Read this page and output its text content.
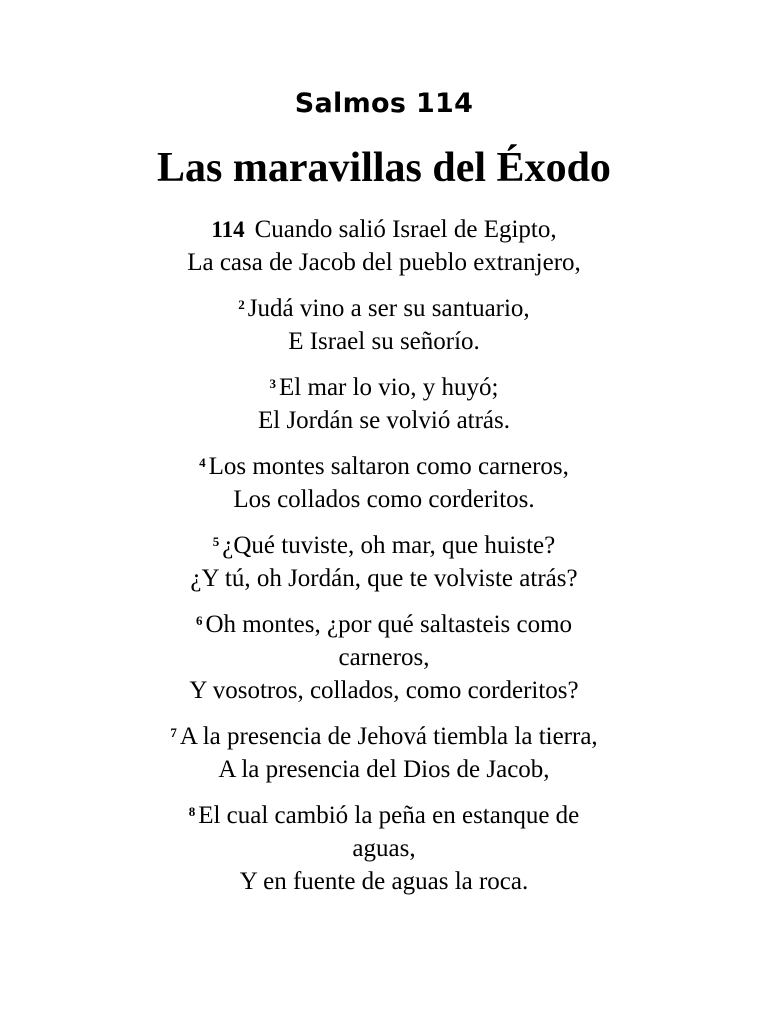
Salmos 114
Las maravillas del Éxodo
114 Cuando salió Israel de Egipto,
La casa de Jacob del pueblo extranjero,
$^2$ Judá vino a ser su santuario,
E Israel su señorío.
$^3$ El mar lo vio, y huyó;
El Jordán se volvió atrás.
$^4$ Los montes saltaron como carneros,
Los collados como corderitos.
$^5$ ¿Qué tuviste, oh mar, que huiste?
¿Y tú, oh Jordán, que te volviste atrás?
$^6$ Oh montes, ¿por qué saltasteis como
carneros,
Y vosotros, collados, como corderitos?
$^7$ A la presencia de Jehová tiembla la tierra,
A la presencia del Dios de Jacob,
$^8$ El cual cambió la peña en estanque de
aguas,
Y en fuente de aguas la roca.
